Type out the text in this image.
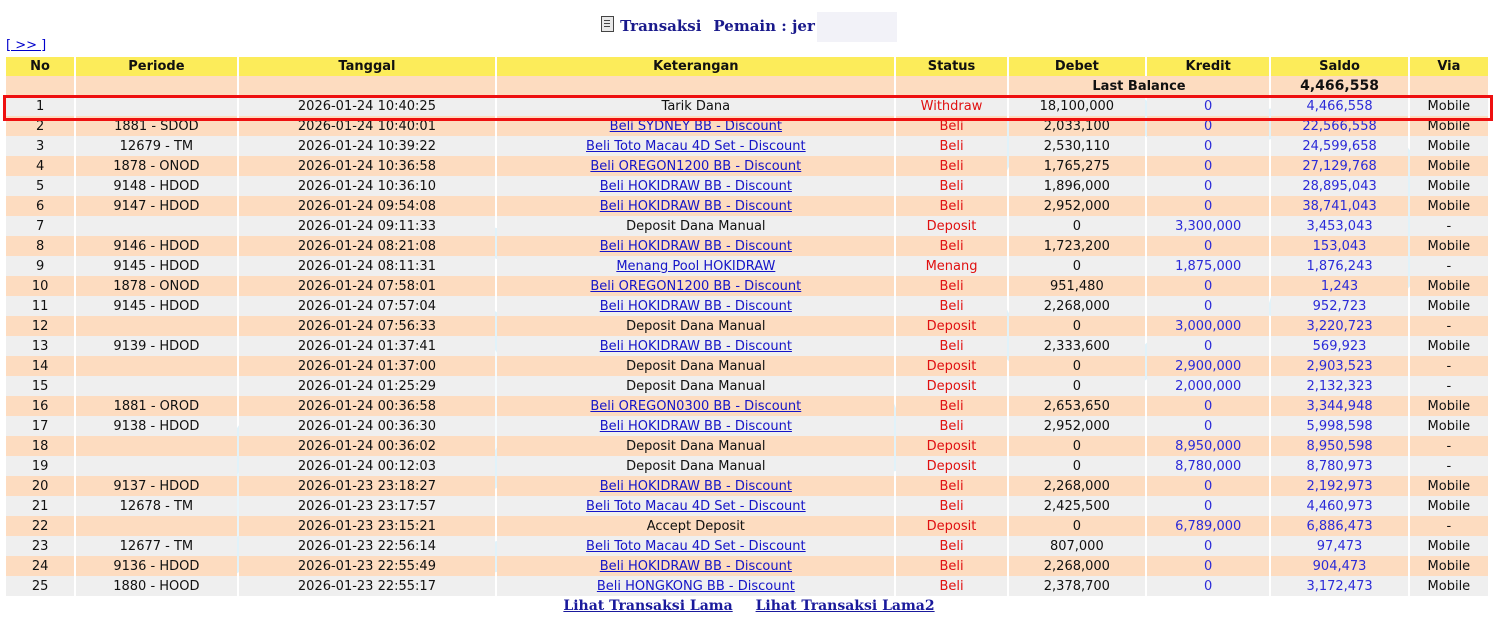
Transaksi Pemain : jer
[ >> ]
No	Periode	Tanggal	Keterangan	Status	Debet	Kredit	Saldo	Via
					Last Balance		4,466,558	
1		2026-01-24 10:40:25	Tarik Dana	Withdraw	18,100,000	0	4,466,558	Mobile
2	1881 - SDOD	2026-01-24 10:40:01	Beli SYDNEY BB - Discount	Beli	2,033,100	0	22,566,558	Mobile
3	12679 - TM	2026-01-24 10:39:22	Beli Toto Macau 4D Set - Discount	Beli	2,530,110	0	24,599,658	Mobile
4	1878 - ONOD	2026-01-24 10:36:58	Beli OREGON1200 BB - Discount	Beli	1,765,275	0	27,129,768	Mobile
5	9148 - HDOD	2026-01-24 10:36:10	Beli HOKIDRAW BB - Discount	Beli	1,896,000	0	28,895,043	Mobile
6	9147 - HDOD	2026-01-24 09:54:08	Beli HOKIDRAW BB - Discount	Beli	2,952,000	0	38,741,043	Mobile
7		2026-01-24 09:11:33	Deposit Dana Manual	Deposit	0	3,300,000	3,453,043	-
8	9146 - HDOD	2026-01-24 08:21:08	Beli HOKIDRAW BB - Discount	Beli	1,723,200	0	153,043	Mobile
9	9145 - HDOD	2026-01-24 08:11:31	Menang Pool HOKIDRAW	Menang	0	1,875,000	1,876,243	-
10	1878 - ONOD	2026-01-24 07:58:01	Beli OREGON1200 BB - Discount	Beli	951,480	0	1,243	Mobile
11	9145 - HDOD	2026-01-24 07:57:04	Beli HOKIDRAW BB - Discount	Beli	2,268,000	0	952,723	Mobile
12		2026-01-24 07:56:33	Deposit Dana Manual	Deposit	0	3,000,000	3,220,723	-
13	9139 - HDOD	2026-01-24 01:37:41	Beli HOKIDRAW BB - Discount	Beli	2,333,600	0	569,923	Mobile
14		2026-01-24 01:37:00	Deposit Dana Manual	Deposit	0	2,900,000	2,903,523	-
15		2026-01-24 01:25:29	Deposit Dana Manual	Deposit	0	2,000,000	2,132,323	-
16	1881 - OROD	2026-01-24 00:36:58	Beli OREGON0300 BB - Discount	Beli	2,653,650	0	3,344,948	Mobile
17	9138 - HDOD	2026-01-24 00:36:30	Beli HOKIDRAW BB - Discount	Beli	2,952,000	0	5,998,598	Mobile
18		2026-01-24 00:36:02	Deposit Dana Manual	Deposit	0	8,950,000	8,950,598	-
19		2026-01-24 00:12:03	Deposit Dana Manual	Deposit	0	8,780,000	8,780,973	-
20	9137 - HDOD	2026-01-23 23:18:27	Beli HOKIDRAW BB - Discount	Beli	2,268,000	0	2,192,973	Mobile
21	12678 - TM	2026-01-23 23:17:57	Beli Toto Macau 4D Set - Discount	Beli	2,425,500	0	4,460,973	Mobile
22		2026-01-23 23:15:21	Accept Deposit	Deposit	0	6,789,000	6,886,473	-
23	12677 - TM	2026-01-23 22:56:14	Beli Toto Macau 4D Set - Discount	Beli	807,000	0	97,473	Mobile
24	9136 - HDOD	2026-01-23 22:55:49	Beli HOKIDRAW BB - Discount	Beli	2,268,000	0	904,473	Mobile
25	1880 - HOOD	2026-01-23 22:55:17	Beli HONGKONG BB - Discount	Beli	2,378,700	0	3,172,473	Mobile
Lihat Transaksi Lama Lihat Transaksi Lama2
